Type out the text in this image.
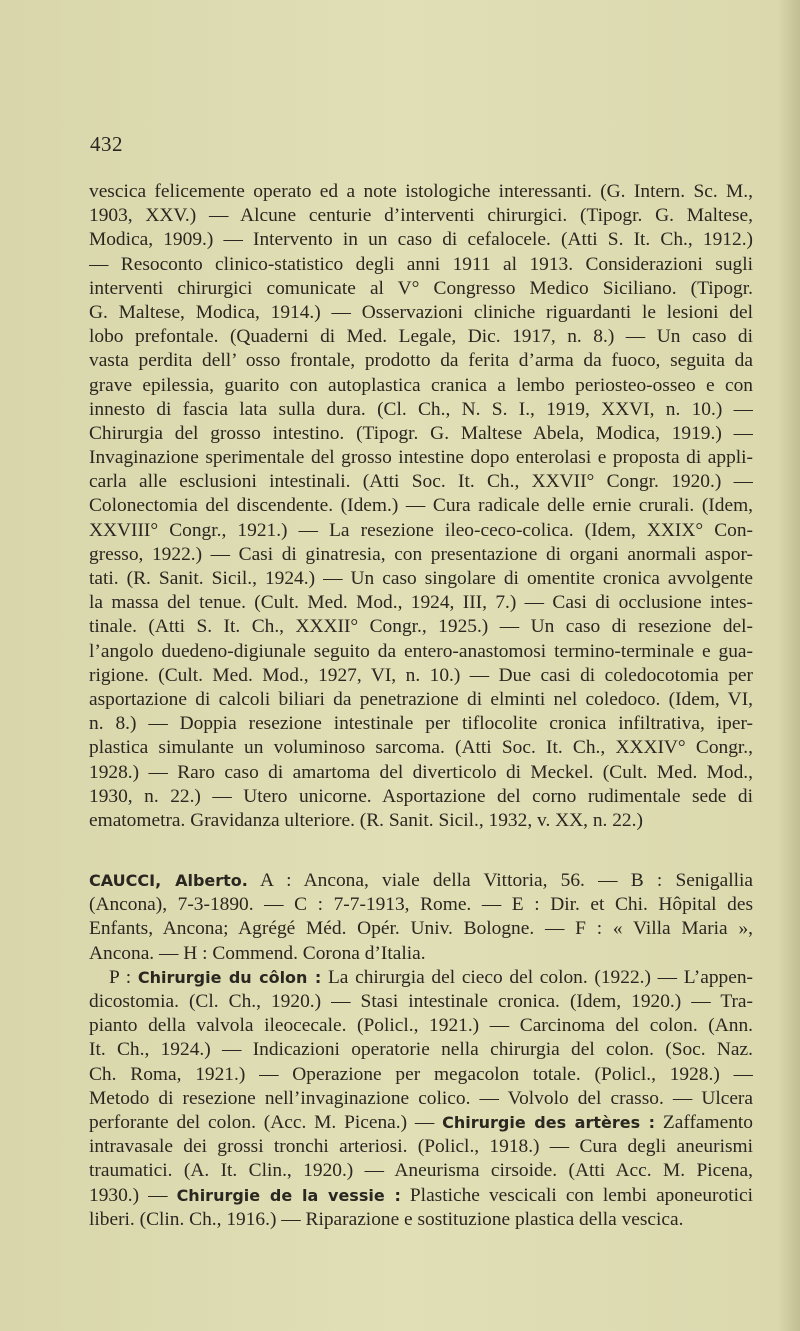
432
vescica felicemente operato ed a note istologiche interessanti. (G. Intern. Sc. M.,
1903, XXV.) — Alcune centurie d’interventi chirurgici. (Tipogr. G. Maltese,
Modica, 1909.) — Intervento in un caso di cefalocele. (Atti S. It. Ch., 1912.)
— Resoconto clinico-statistico degli anni 1911 al 1913. Considerazioni sugli
interventi chirurgici comunicate al V° Congresso Medico Siciliano. (Tipogr.
G. Maltese, Modica, 1914.) — Osservazioni cliniche riguardanti le lesioni del
lobo prefontale. (Quaderni di Med. Legale, Dic. 1917, n. 8.) — Un caso di
vasta perdita dell’ osso frontale, prodotto da ferita d’arma da fuoco, seguita da
grave epilessia, guarito con autoplastica cranica a lembo periosteo-osseo e con
innesto di fascia lata sulla dura. (Cl. Ch., N. S. I., 1919, XXVI, n. 10.) —
Chirurgia del grosso intestino. (Tipogr. G. Maltese Abela, Modica, 1919.) —
Invaginazione sperimentale del grosso intestine dopo enterolasi e proposta di appli-
carla alle esclusioni intestinali. (Atti Soc. It. Ch., XXVII° Congr. 1920.) —
Colonectomia del discendente. (Idem.) — Cura radicale delle ernie crurali. (Idem,
XXVIII° Congr., 1921.) — La resezione ileo-ceco-colica. (Idem, XXIX° Con-
gresso, 1922.) — Casi di ginatresia, con presentazione di organi anormali aspor-
tati. (R. Sanit. Sicil., 1924.) — Un caso singolare di omentite cronica avvolgente
la massa del tenue. (Cult. Med. Mod., 1924, III, 7.) — Casi di occlusione intes-
tinale. (Atti S. It. Ch., XXXII° Congr., 1925.) — Un caso di resezione del-
l’angolo duedeno-digiunale seguito da entero-anastomosi termino-terminale e gua-
rigione. (Cult. Med. Mod., 1927, VI, n. 10.) — Due casi di coledocotomia per
asportazione di calcoli biliari da penetrazione di elminti nel coledoco. (Idem, VI,
n. 8.) — Doppia resezione intestinale per tiflocolite cronica infiltrativa, iper-
plastica simulante un voluminoso sarcoma. (Atti Soc. It. Ch., XXXIV° Congr.,
1928.) — Raro caso di amartoma del diverticolo di Meckel. (Cult. Med. Mod.,
1930, n. 22.) — Utero unicorne. Asportazione del corno rudimentale sede di
ematometra. Gravidanza ulteriore. (R. Sanit. Sicil., 1932, v. XX, n. 22.)
CAUCCI, Alberto. A : Ancona, viale della Vittoria, 56. — B : Senigallia
(Ancona), 7-3-1890. — C : 7-7-1913, Rome. — E : Dir. et Chi. Hôpital des
Enfants, Ancona; Agrégé Méd. Opér. Univ. Bologne. — F : « Villa Maria »,
Ancona. — H : Commend. Corona d’Italia.
P : Chirurgie du côlon : La chirurgia del cieco del colon. (1922.) — L’appen-
dicostomia. (Cl. Ch., 1920.) — Stasi intestinale cronica. (Idem, 1920.) — Tra-
pianto della valvola ileocecale. (Policl., 1921.) — Carcinoma del colon. (Ann.
It. Ch., 1924.) — Indicazioni operatorie nella chirurgia del colon. (Soc. Naz.
Ch. Roma, 1921.) — Operazione per megacolon totale. (Policl., 1928.) —
Metodo di resezione nell’invaginazione colico. — Volvolo del crasso. — Ulcera
perforante del colon. (Acc. M. Picena.) — Chirurgie des artères : Zaffamento
intravasale dei grossi tronchi arteriosi. (Policl., 1918.) — Cura degli aneurismi
traumatici. (A. It. Clin., 1920.) — Aneurisma cirsoide. (Atti Acc. M. Picena,
1930.) — Chirurgie de la vessie : Plastiche vescicali con lembi aponeurotici
liberi. (Clin. Ch., 1916.) — Riparazione e sostituzione plastica della vescica.
